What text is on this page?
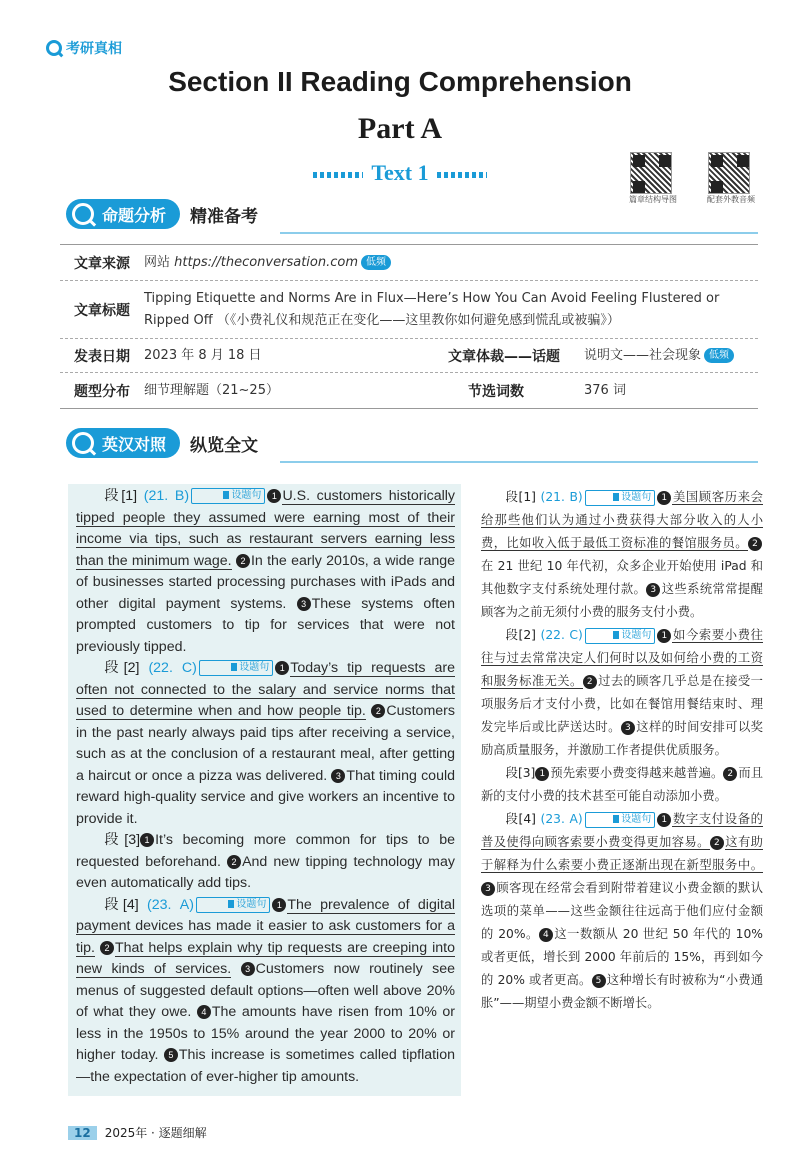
考研真相
Section II Reading Comprehension
Part A
Text 1
篇章结构导图	配套外教音频
命题分析 精准备考
文章来源	网站 https://theconversation.com 低频
文章标题
Tipping Etiquette and Norms Are in Flux—Here’s How You Can Avoid Feeling Flustered or Ripped Off （《小费礼仪和规范正在变化——这里教你如何避免感到慌乱或被骗》）
发表日期	2023 年 8 月 18 日	文章体裁——话题	说明文——社会现象 低频
题型分布	细节理解题（21~25）	节选词数	376 词
英汉对照 纵览全文

段[1] (21. B)	设题句 1 U.S. customers historically tipped people they assumed were earning most of their income via tips, such as restaurant servers earning less than the minimum wage. 2 In the early 2010s, a wide range of businesses started processing purchases with iPads and other digital payment systems. 3 These systems often prompted customers to tip for services that were not previously tipped.

段[2] (22. C)	设题句 1 Today’s tip requests are often not connected to the salary and service norms that used to determine when and how people tip. 2 Customers in the past nearly always paid tips after receiving a service, such as at the conclusion of a restaurant meal, after getting a haircut or once a pizza was delivered. 3 That timing could reward high-quality service and give workers an incentive to provide it.

段[3] 1 It’s becoming more common for tips to be requested beforehand. 2 And new tipping technology may even automatically add tips.

段[4] (23. A)	设题句 1 The prevalence of digital payment devices has made it easier to ask customers for a tip. 2 That helps explain why tip requests are creeping into new kinds of services. 3 Customers now routinely see menus of suggested default options—often well above 20% of what they owe. 4 The amounts have risen from 10% or less in the 1950s to 15% around the year 2000 to 20% or higher today. 5 This increase is sometimes called tipflation—the expectation of ever-higher tip amounts.

段[1] (21. B)	设题句 1 美国顾客历来会给那些他们认为通过小费获得大部分收入的人小费，比如收入低于最低工资标准的餐馆服务员。 2在 21 世纪 10 年代初，众多企业开始使用 iPad 和其他数字支付系统处理付款。 3 这些系统常常提醒顾客为之前无须付小费的服务支付小费。

段[2] (22. C)	设题句 1 如今索要小费往往与过去常常决定人们何时以及如何给小费的工资和服务标准无关。 2 过去的顾客几乎总是在接受一项服务后才支付小费，比如在餐馆用餐结束时、理发完毕后或比萨送达时。 3 这样的时间安排可以奖励高质量服务，并激励工作者提供优质服务。

段[3] 1 预先索要小费变得越来越普遍。 2 而且新的支付小费的技术甚至可能自动添加小费。

段[4] (23. A)	设题句 1 数字支付设备的普及使得向顾客索要小费变得更加容易。 2 这有助于解释为什么索要小费正逐渐出现在新型服务中。3 顾客现在经常会看到附带着建议小费金额的默认选项的菜单——这些金额往往远高于他们应付金额的 20%。 4 这一数额从 20 世纪 50 年代的 10% 或者更低，增长到 2000 年前后的 15%，再到如今的 20% 或者更高。 5 这种增长有时被称为“小费通胀”——期望小费金额不断增长。

12	2025年 · 逐题细解
